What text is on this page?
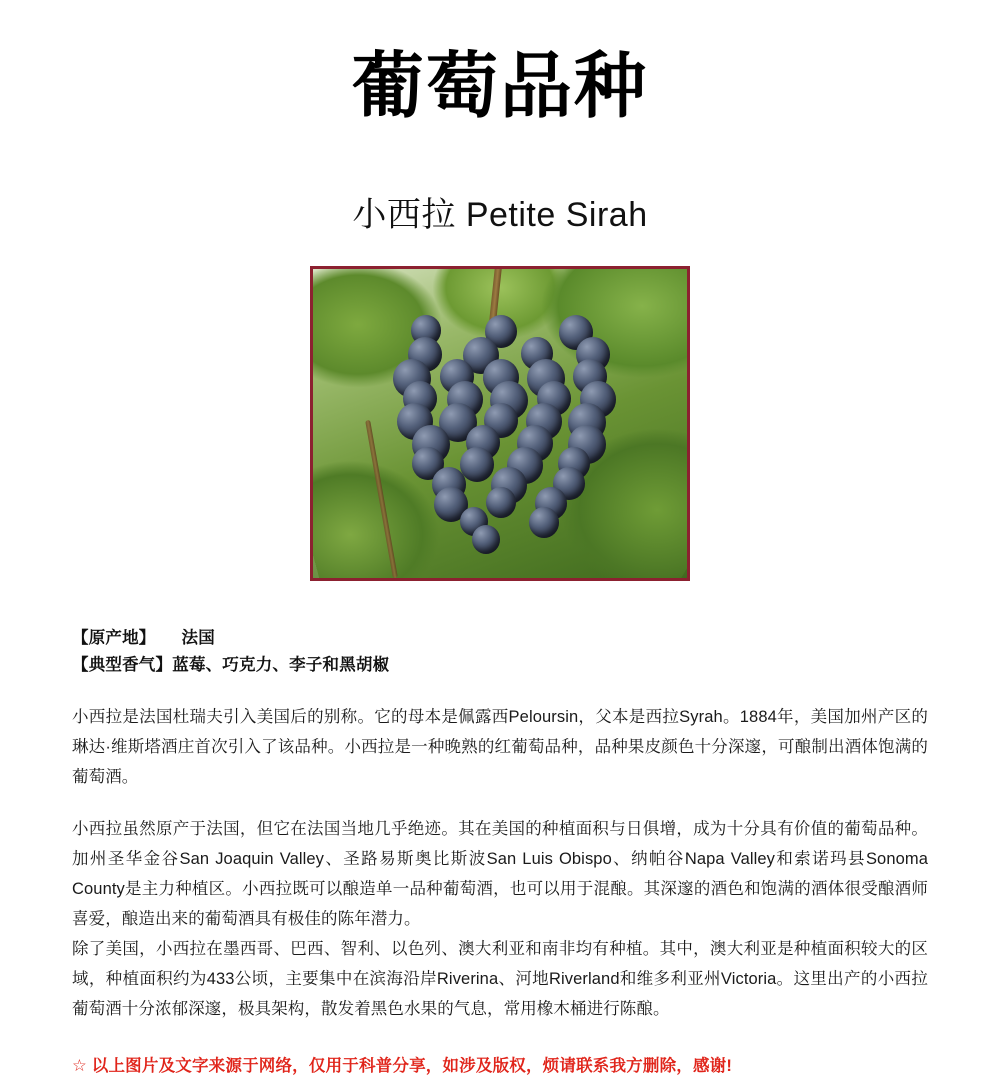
葡萄品种
小西拉 Petite Sirah
【原产地】 法国
【典型香气】蓝莓、巧克力、李子和黑胡椒

小西拉是法国杜瑞夫引入美国后的别称。它的母本是佩露西Peloursin，父本是西拉Syrah。1884年，美国加州产区的琳达·维斯塔酒庄首次引入了该品种。小西拉是一种晚熟的红葡萄品种，品种果皮颜色十分深邃，可酿制出酒体饱满的葡萄酒。

小西拉虽然原产于法国，但它在法国当地几乎绝迹。其在美国的种植面积与日俱增，成为十分具有价值的葡萄品种。加州圣华金谷San Joaquin Valley、圣路易斯奥比斯波San Luis Obispo、纳帕谷Napa Valley和索诺玛县Sonoma County是主力种植区。小西拉既可以酿造单一品种葡萄酒，也可以用于混酿。其深邃的酒色和饱满的酒体很受酿酒师喜爱，酿造出来的葡萄酒具有极佳的陈年潜力。

除了美国，小西拉在墨西哥、巴西、智利、以色列、澳大利亚和南非均有种植。其中，澳大利亚是种植面积较大的区域，种植面积约为433公顷，主要集中在滨海沿岸Riverina、河地Riverland和维多利亚州Victoria。这里出产的小西拉葡萄酒十分浓郁深邃，极具架构，散发着黑色水果的气息，常用橡木桶进行陈酿。

☆ 以上图片及文字来源于网络，仅用于科普分享，如涉及版权，烦请联系我方删除，感谢!
